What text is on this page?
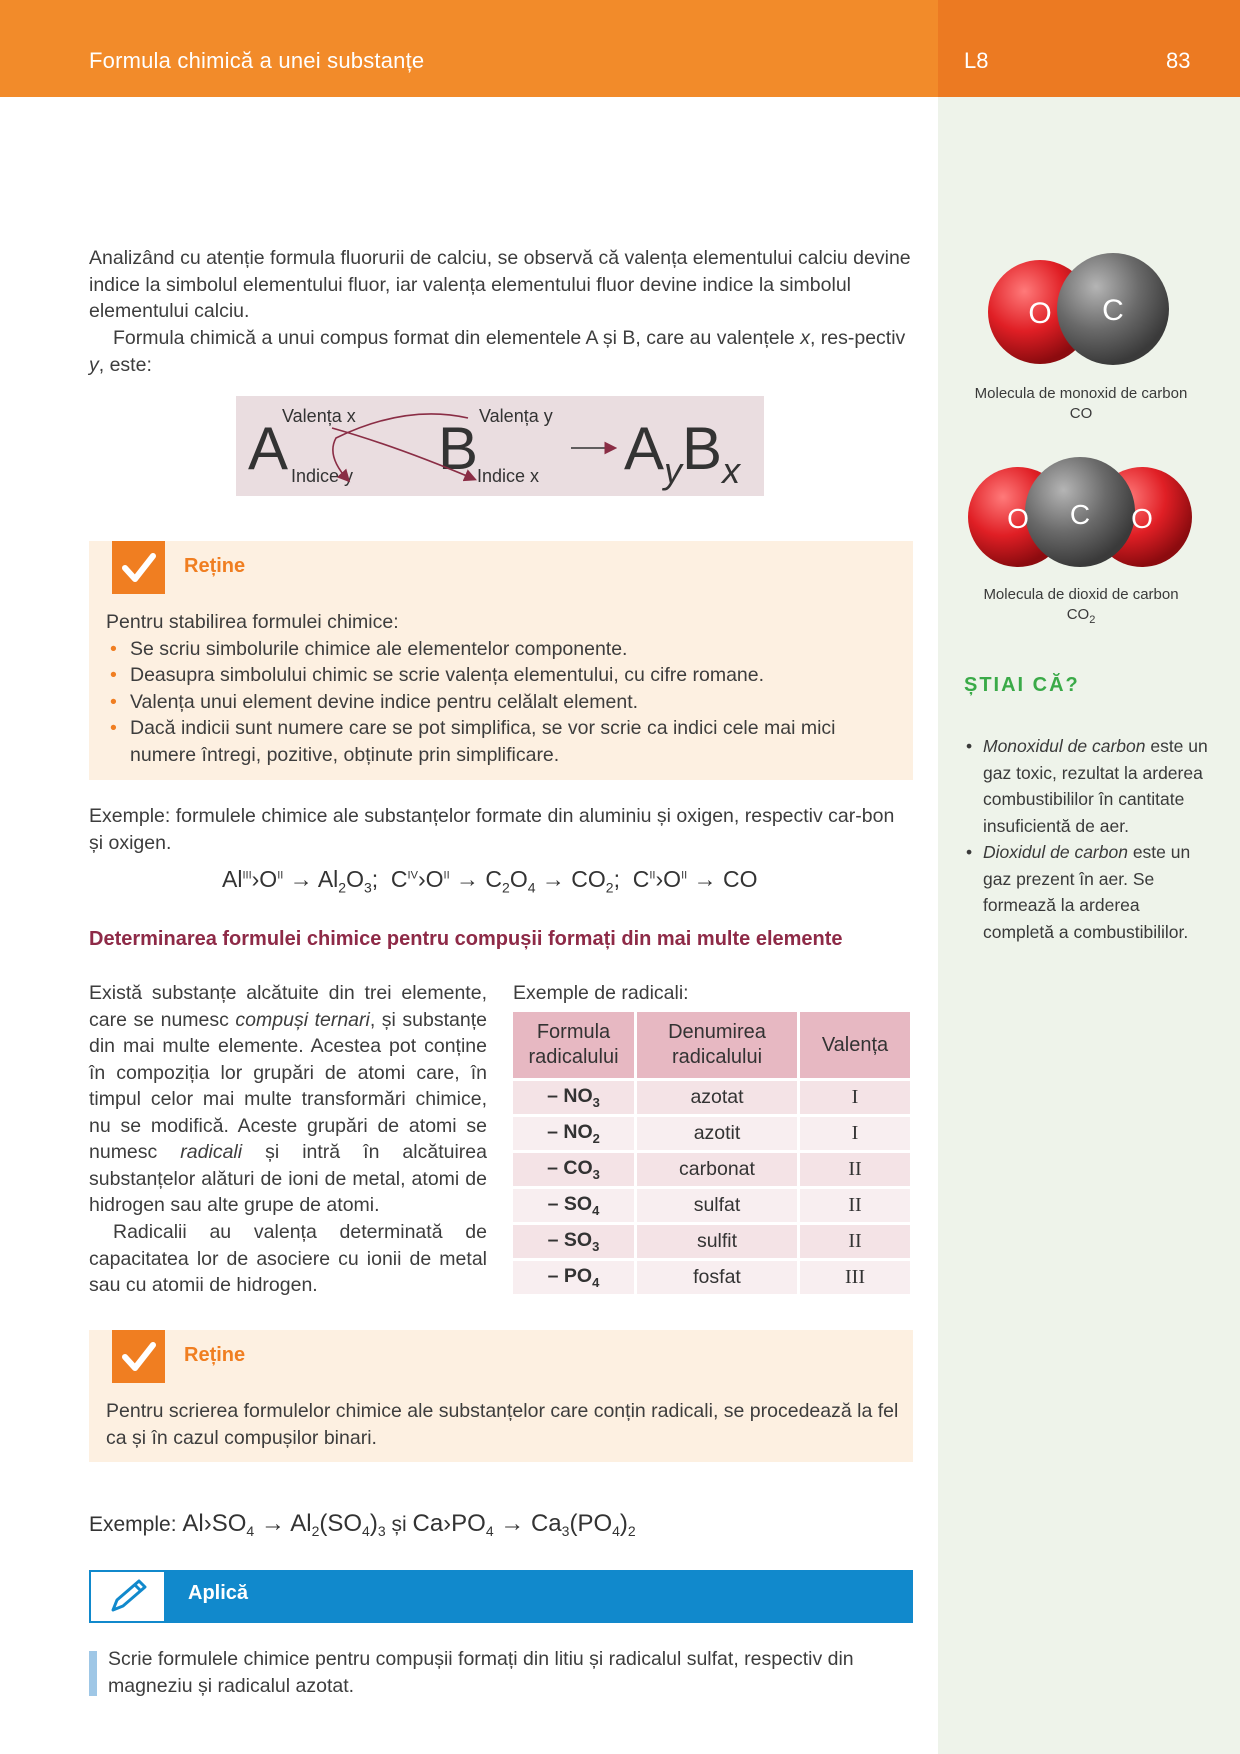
Formula chimică a unei substanțe	L8	83

Analizând cu atenție formula fluorurii de calciu, se observă că valența elementului calciu devine indice la simbolul elementului fluor, iar valența elementului fluor devine indice la simbolul elementului calciu.

Formula chimică a unui compus format din elementele A și B, care au valențele x, res-pectiv y, este:

A B
Valența x	Valența y
Indice y	Indice x $A_yB_x$
Reține

Pentru stabilirea formulei chimice:

• Se scriu simbolurile chimice ale elementelor componente.
• Deasupra simbolului chimic se scrie valența elementului, cu cifre romane.
• Valența unui element devine indice pentru celălalt element.
• Dacă indicii sunt numere care se pot simplifica, se vor scrie ca indici cele mai mici numere întregi, pozitive, obținute prin simplificare.

Exemple: formulele chimice ale substanțelor formate din aluminiu și oxigen, respectiv car-bon și oxigen.

$Al^{III}›O^{II} \to Al_2O_3$;  $C^{IV}›O^{II} \to C_2O_4 \to CO_2$;  $C^{II}›O^{II}$ → CO
Determinarea formulei chimice pentru compușii formați din mai multe elemente

Există substanțe alcătuite din trei elemente, care se numesc compuși ternari, și substanțe din mai multe elemente. Acestea pot conține în compoziția lor grupări de atomi care, în timpul celor mai multe transformări chimice, nu se modifică. Aceste grupări de atomi se numesc radicali și intră în alcătuirea substanțelor alături de ioni de metal, atomi de hidrogen sau alte grupe de atomi.

Radicalii au valența determinată de capacitatea lor de asociere cu ionii de metal sau cu atomii de hidrogen.

Exemple de radicali:
Formula radicalului	Denumirea radicalului	Valența
– $NO_3$	azotat	I
– $NO_2$	azotit	I
– $CO_3$	carbonat	II
– $SO_4$	sulfat	II
– $SO_3$	sulfit	II
– $PO_4$	fosfat	III
Reține

Pentru scrierea formulelor chimice ale substanțelor care conțin radicali, se procedează la fel ca și în cazul compușilor binari.

Exemple: $Al›SO_4 \to Al_2(SO_4)_3$ și $Ca›PO_4 \to Ca_3(PO_4)_2$
Aplică

Scrie formulele chimice pentru compușii formați din litiu și radicalul sulfat, respectiv din magneziu și radicalul azotat.

O C
Molecula de monoxid de carbon
CO
O C O
Molecula de dioxid de carbon
$CO_2$
ȘTIAI CĂ?
• Monoxidul de carbon este un gaz toxic, rezultat la arderea combustibililor în cantitate insuficientă de aer.
• Dioxidul de carbon este un gaz prezent în aer. Se formează la arderea completă a combustibililor.
